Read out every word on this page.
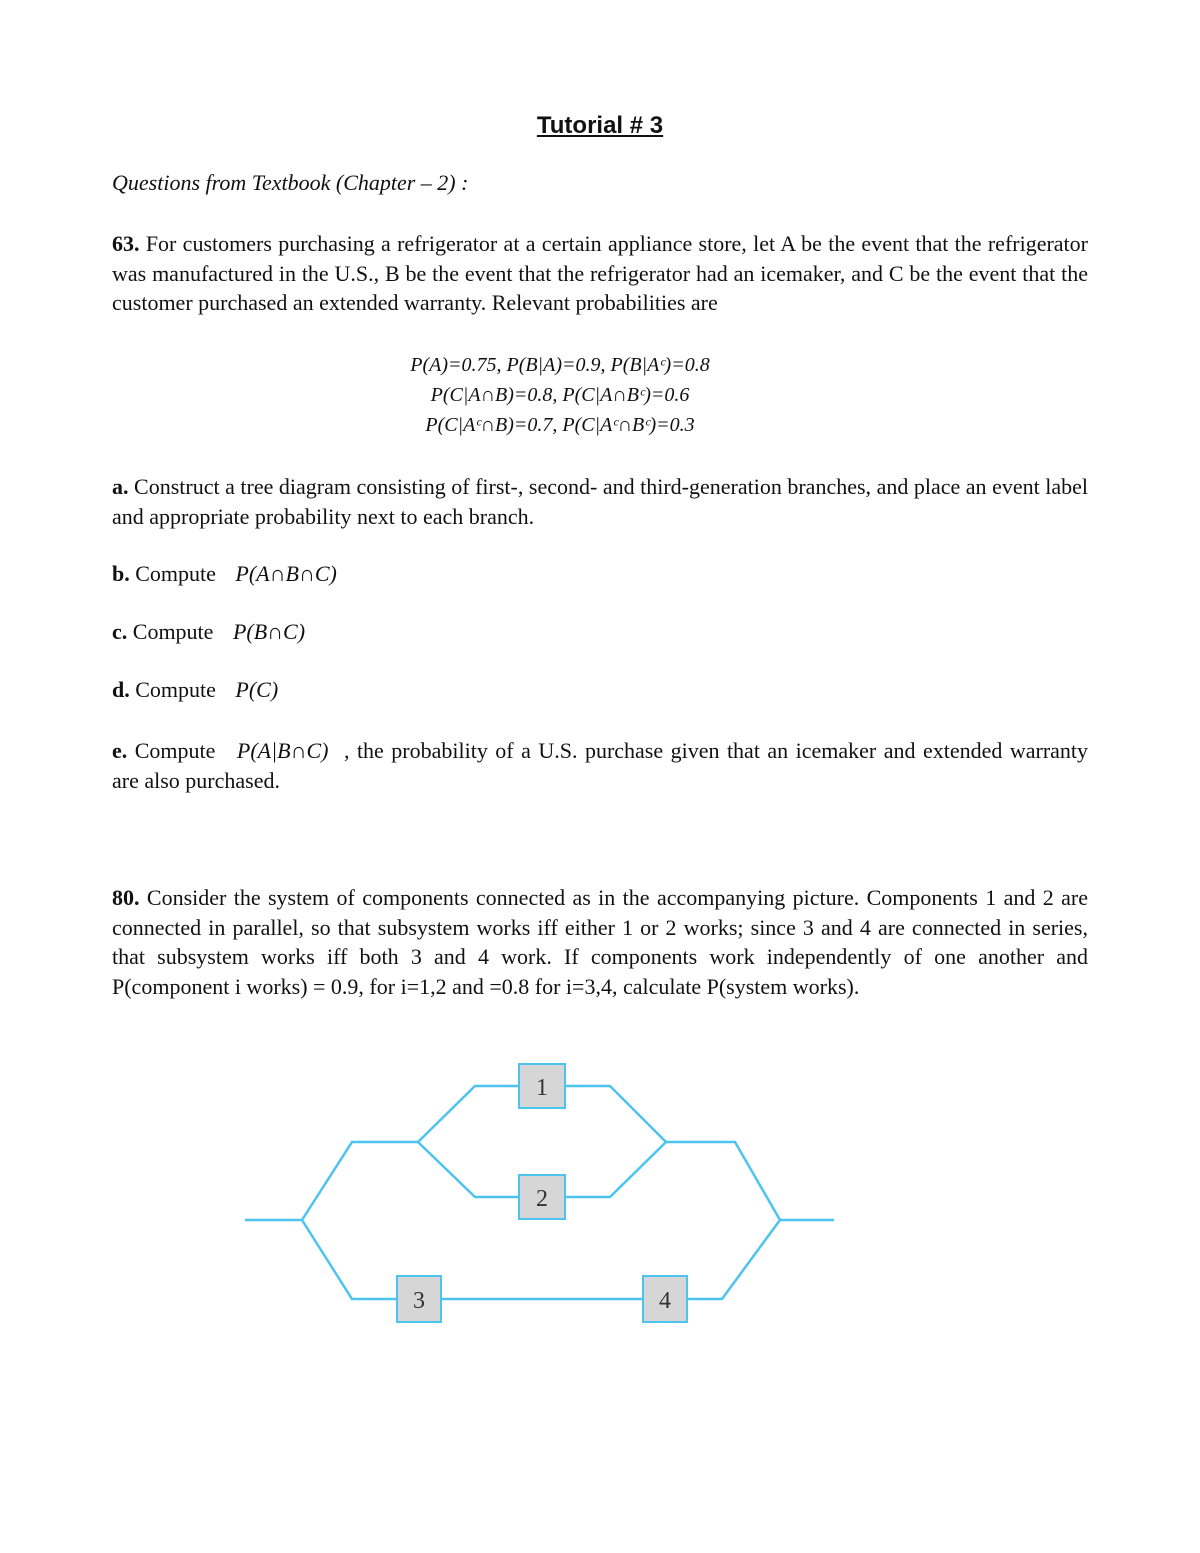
Tutorial # 3
Questions from Textbook (Chapter – 2) :
63. For customers purchasing a refrigerator at a certain appliance store, let A be the event that the refrigerator was manufactured in the U.S., B be the event that the refrigerator had an icemaker, and C be the event that the customer purchased an extended warranty. Relevant probabilities are
P(A)=0.75, P(B|A)=0.9, P(B|Aᶜ)=0.8
P(C|A∩B)=0.8, P(C|A∩Bᶜ)=0.6
P(C|Aᶜ∩B)=0.7, P(C|Aᶜ∩Bᶜ)=0.3
a. Construct a tree diagram consisting of first-, second- and third-generation branches, and place an event label and appropriate probability next to each branch.
b. Compute P(A∩B∩C)
c. Compute P(B∩C)
d. Compute P(C)
e. Compute P(A|B∩C) , the probability of a U.S. purchase given that an icemaker and extended warranty are also purchased.
80. Consider the system of components connected as in the accompanying picture. Components 1 and 2 are connected in parallel, so that subsystem works iff either 1 or 2 works; since 3 and 4 are connected in series, that subsystem works iff both 3 and 4 work. If components work independently of one another and P(component i works) = 0.9, for i=1,2 and =0.8 for i=3,4, calculate P(system works).
1
2
3	4
